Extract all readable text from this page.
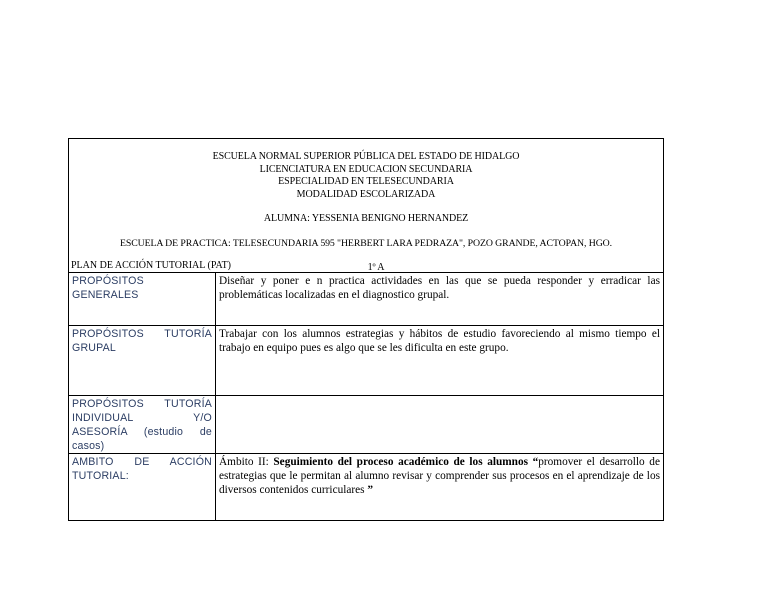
ESCUELA NORMAL SUPERIOR PÚBLICA DEL ESTADO DE HIDALGO
LICENCIATURA EN EDUCACION SECUNDARIA
ESPECIALIDAD EN TELESECUNDARIA
MODALIDAD ESCOLARIZADA
ALUMNA: YESSENIA BENIGNO HERNANDEZ
ESCUELA DE PRACTICA: TELESECUNDARIA 595 "HERBERT LARA PEDRAZA", POZO GRANDE, ACTOPAN, HGO.
1º A
PLAN DE ACCIÓN TUTORIAL (PAT)
PROPÓSITOS GENERALES	Diseñar y poner e n practica actividades en las que se pueda responder y erradicar las problemáticas localizadas en el diagnostico grupal.
PROPÓSITOS TUTORÍA GRUPAL	Trabajar con los alumnos estrategias y hábitos de estudio favoreciendo al mismo tiempo el trabajo en equipo pues es algo que se les dificulta en este grupo.
PROPÓSITOS TUTORÍA INDIVIDUAL Y/O ASESORÍA (estudio de casos)	
AMBITO DE ACCIÓN TUTORIAL:	Ámbito II: Seguimiento del proceso académico de los alumnos “promover el desarrollo de estrategias que le permitan al alumno revisar y comprender sus procesos en el aprendizaje de los diversos contenidos curriculares ”
